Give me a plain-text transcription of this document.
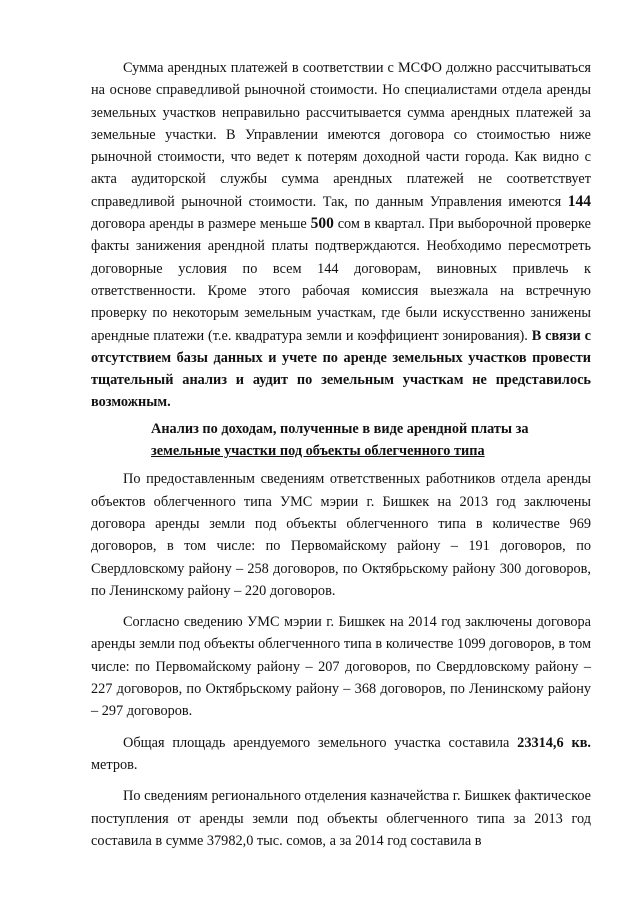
Сумма арендных платежей в соответствии с МСФО должно рассчитываться на основе справедливой рыночной стоимости. Но специалистами отдела аренды земельных участков неправильно рассчитывается сумма арендных платежей за земельные участки. В Управлении имеются договора со стоимостью ниже рыночной стоимости, что ведет к потерям доходной части города. Как видно с акта аудиторской службы сумма арендных платежей не соответствует справедливой рыночной стоимости. Так, по данным Управления имеются 144 договора аренды в размере меньше 500 сом в квартал. При выборочной проверке факты занижения арендной платы подтверждаются. Необходимо пересмотреть договорные условия по всем 144 договорам, виновных привлечь к ответственности. Кроме этого рабочая комиссия выезжала на встречную проверку по некоторым земельным участкам, где были искусственно занижены арендные платежи (т.е. квадратура земли и коэффициент зонирования). В связи с отсутствием базы данных и учете по аренде земельных участков провести тщательный анализ и аудит по земельным участкам не представилось возможным.

Анализ по доходам, полученные в виде арендной платы за
земельные участки под объекты облегченного типа

По предоставленным сведениям ответственных работников отдела аренды объектов облегченного типа УМС мэрии г. Бишкек на 2013 год заключены договора аренды земли под объекты облегченного типа в количестве 969 договоров, в том числе: по Первомайскому району – 191 договоров, по Свердловскому району – 258 договоров, по Октябрьскому району 300 договоров, по Ленинскому району – 220 договоров.

Согласно сведению УМС мэрии г. Бишкек на 2014 год заключены договора аренды земли под объекты облегченного типа в количестве 1099 договоров, в том числе: по Первомайскому району – 207 договоров, по Свердловскому району – 227 договоров, по Октябрьскому району – 368 договоров, по Ленинскому району – 297 договоров.

Общая площадь арендуемого земельного участка составила 23314,6 кв. метров.

По сведениям регионального отделения казначейства г. Бишкек фактическое поступления от аренды земли под объекты облегченного типа за 2013 год составила в сумме 37982,0 тыс. сомов, а за 2014 год составила в
